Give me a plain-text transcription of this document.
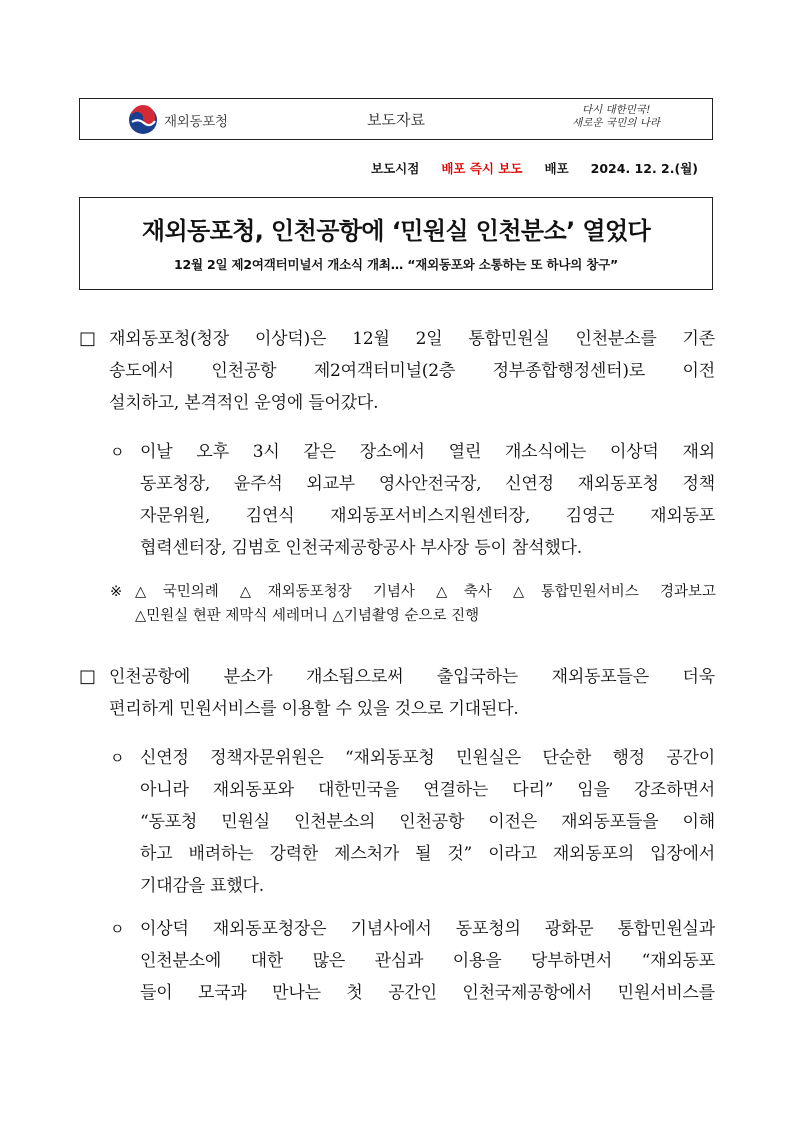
재외동포청	보도자료
다시 대한민국!
새로운 국민의 나라
보도시점 배포 즉시 보도 배포 2024. 12. 2.(월)
재외동포청, 인천공항에 ‘민원실 인천분소’ 열었다
12월 2일 제2여객터미널서 개소식 개최… “재외동포와 소통하는 또 하나의 창구”
□ 재외동포청(청장 이상덕)은 12월 2일 통합민원실 인천분소를 기존
송도에서 인천공항 제2여객터미널(2층 정부종합행정센터)로 이전
설치하고, 본격적인 운영에 들어갔다.
ㅇ 이날 오후 3시 같은 장소에서 열린 개소식에는 이상덕 재외
동포청장, 윤주석 외교부 영사안전국장, 신연정 재외동포청 정책
자문위원, 김연식 재외동포서비스지원센터장, 김영근 재외동포
협력센터장, 김범호 인천국제공항공사 부사장 등이 참석했다.
※ △국민의례 △재외동포청장 기념사 △축사 △통합민원서비스 경과보고
△민원실 현판 제막식 세레머니 △기념촬영 순으로 진행
□ 인천공항에 분소가 개소됨으로써 출입국하는 재외동포들은 더욱
편리하게 민원서비스를 이용할 수 있을 것으로 기대된다.
ㅇ 신연정 정책자문위원은 “재외동포청 민원실은 단순한 행정 공간이
아니라 재외동포와 대한민국을 연결하는 다리” 임을 강조하면서
“동포청 민원실 인천분소의 인천공항 이전은 재외동포들을 이해
하고 배려하는 강력한 제스처가 될 것” 이라고 재외동포의 입장에서
기대감을 표했다.
ㅇ 이상덕 재외동포청장은 기념사에서 동포청의 광화문 통합민원실과
인천분소에 대한 많은 관심과 이용을 당부하면서 “재외동포
들이 모국과 만나는 첫 공간인 인천국제공항에서 민원서비스를
